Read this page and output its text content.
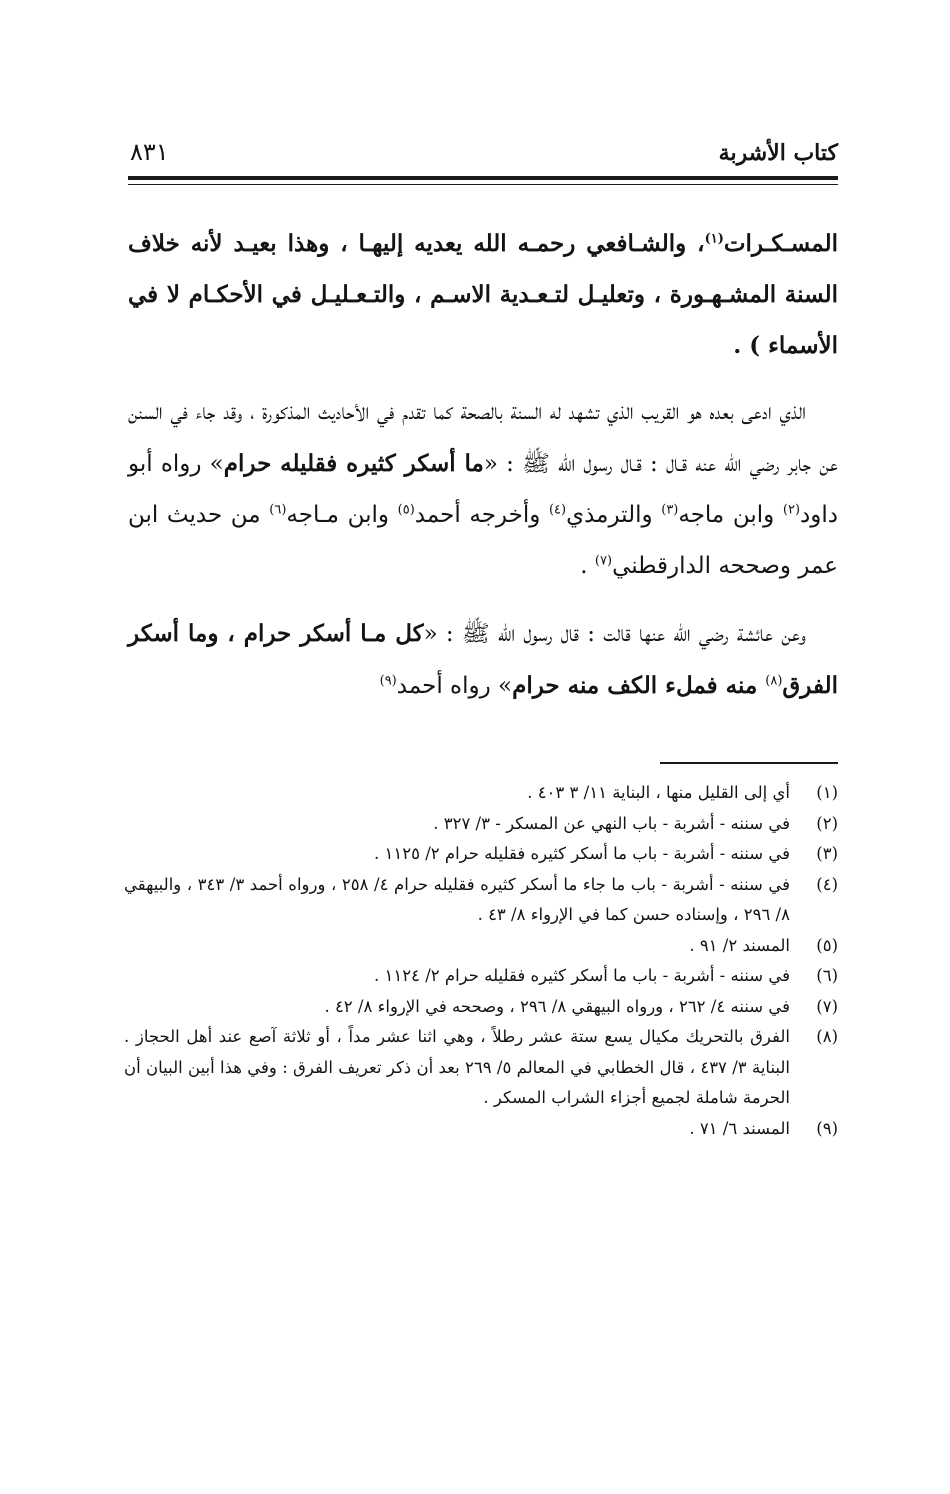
كتاب الأشربة
٨٣١

المسـكـرات$^{(١)}$، والشـافعي رحمـه الله يعديه إليهـا ، وهذا بعيـد لأنه خلاف السنة المشـهـورة ، وتعليـل لتـعـدية الاسـم ، والتـعـليـل في الأحكـام لا في الأسماء ) .

الذي ادعى بعده هو القريب الذي تشهد له السنة بالصحة كما تقدم في الأحاديث المذكورة ، وقد جاء في السنن عن جابر رضي الله عنه قـال : قـال رسول الله ﷺ : «ما أسكر كثيره فقليله حرام» رواه أبو داود$^{(٢)}$ وابن ماجه$^{(٣)}$ والترمذي$^{(٤)}$ وأخرجه أحمد$^{(٥)}$ وابن مـاجه$^{(٦)}$ من حديث ابن عمر وصححه الدارقطني$^{(٧)}$ .

وعن عائشة رضي الله عنها قالت : قال رسول الله ﷺ : «كل مـا أسكر حرام ، وما أسكر الفرق$^{(٨)}$ منه فملء الكف منه حرام» رواه أحمد$^{(٩)}$

(١)
أي إلى القليل منها ، البناية ١١/ ٣ ٤٠٣ .
(٢)
في سننه - أشربة - باب النهي عن المسكر - ٣/ ٣٢٧ .
(٣)
في سننه - أشربة - باب ما أسكر كثيره فقليله حرام ٢/ ١١٢٥ .
(٤)
في سننه - أشربة - باب ما جاء ما أسكر كثيره فقليله حرام ٤/ ٢٥٨ ، ورواه أحمد ٣/ ٣٤٣ ، والبيهقي ٨/ ٢٩٦ ، وإسناده حسن كما في الإرواء ٨/ ٤٣ .
(٥)
المسند ٢/ ٩١ .
(٦)
في سننه - أشربة - باب ما أسكر كثيره فقليله حرام ٢/ ١١٢٤ .
(٧)
في سننه ٤/ ٢٦٢ ، ورواه البيهقي ٨/ ٢٩٦ ، وصححه في الإرواء ٨/ ٤٢ .
(٨)
الفرق بالتحريك مكيال يسع ستة عشر رطلاً ، وهي اثنا عشر مداً ، أو ثلاثة آصع عند أهل الحجاز . البناية ٣/ ٤٣٧ ، قال الخطابي في المعالم ٥/ ٢٦٩ بعد أن ذكر تعريف الفرق : وفي هذا أبين البيان أن الحرمة شاملة لجميع أجزاء الشراب المسكر .
(٩)
المسند ٦/ ٧١ .
